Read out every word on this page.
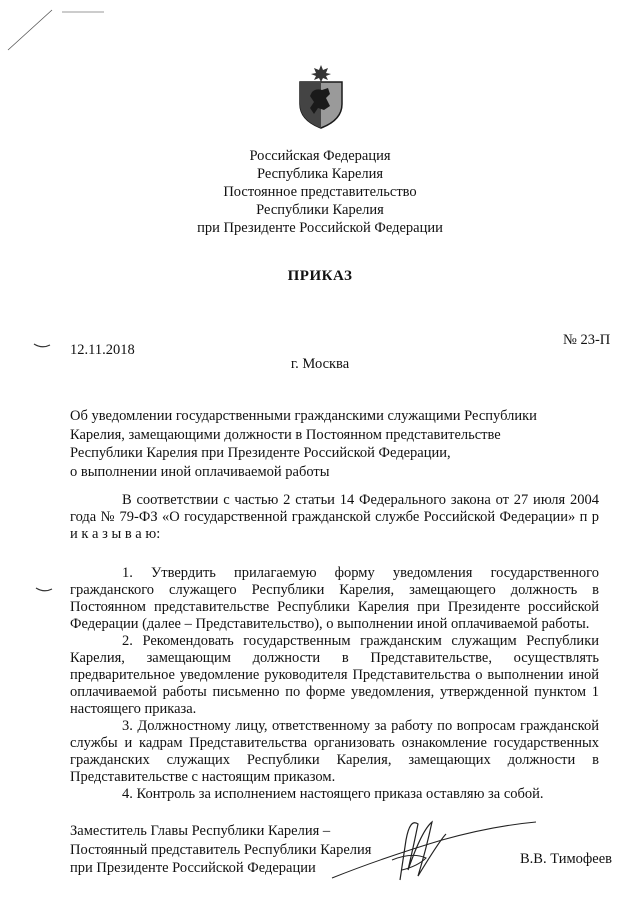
Российская Федерация
Республика Карелия
Постоянное представительство
Республики Карелия
при Президенте Российской Федерации
ПРИКАЗ
12.11.2018
№ 23-П
г. Москва
Об уведомлении государственными гражданскими служащими Республики
Карелия, замещающими должности в Постоянном представительстве
Республики Карелия при Президенте Российской Федерации,
о выполнении иной оплачиваемой работы
В соответствии с частью 2 статьи 14 Федерального закона от 27 июля 2004 года № 79-ФЗ «О государственной гражданской службе Российской Федерации» п р и к а з ы в а ю:
1. Утвердить прилагаемую форму уведомления государственного гражданского служащего Республики Карелия, замещающего должность в Постоянном представительстве Республики Карелия при Президенте российской Федерации (далее – Представительство), о выполнении иной оплачиваемой работы.
2. Рекомендовать государственным гражданским служащим Республики Карелия, замещающим должности в Представительстве, осуществлять предварительное уведомление руководителя Представительства о выполнении иной оплачиваемой работы письменно по форме уведомления, утвержденной пунктом 1 настоящего приказа.
3. Должностному лицу, ответственному за работу по вопросам гражданской службы и кадрам Представительства организовать ознакомление государственных гражданских служащих Республики Карелия, замещающих должности в Представительстве с настоящим приказом.
4. Контроль за исполнением настоящего приказа оставляю за собой.
Заместитель Главы Республики Карелия –
Постоянный представитель Республики Карелия
при Президенте Российской Федерации
В.В. Тимофеев
